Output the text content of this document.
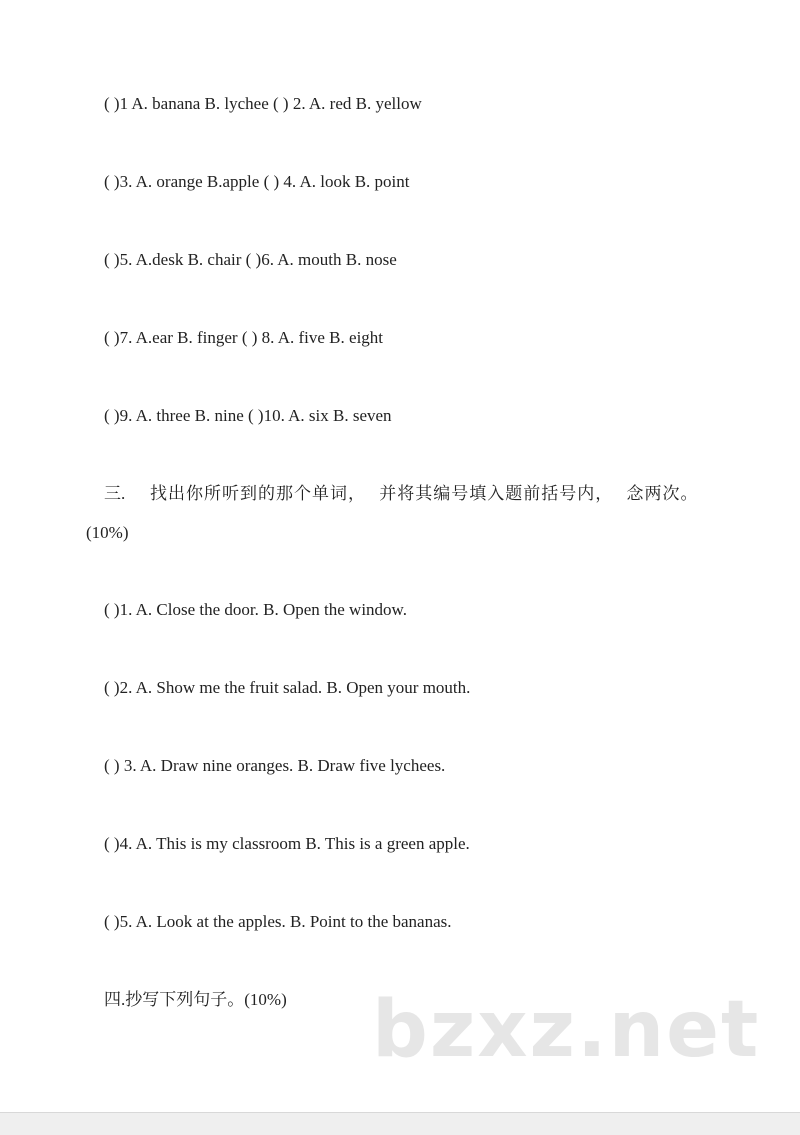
( )1 A. banana B. lychee ( ) 2. A. red B. yellow
( )3. A. orange B.apple ( ) 4. A. look B. point
( )5. A.desk B. chair ( )6. A. mouth B. nose
( )7. A.ear B. finger ( ) 8. A. five B. eight
( )9. A. three B. nine ( )10. A. six B. seven
三. 找出你所听到的那个单词， 并将其编号填入题前括号内， 念两次。
(10%)
( )1. A. Close the door. B. Open the window.
( )2. A. Show me the fruit salad. B. Open your mouth.
( ) 3. A. Draw nine oranges. B. Draw five lychees.
( )4. A. This is my classroom B. This is a green apple.
( )5. A. Look at the apples. B. Point to the bananas.
四.抄写下列句子。(10%) bzxz.net
